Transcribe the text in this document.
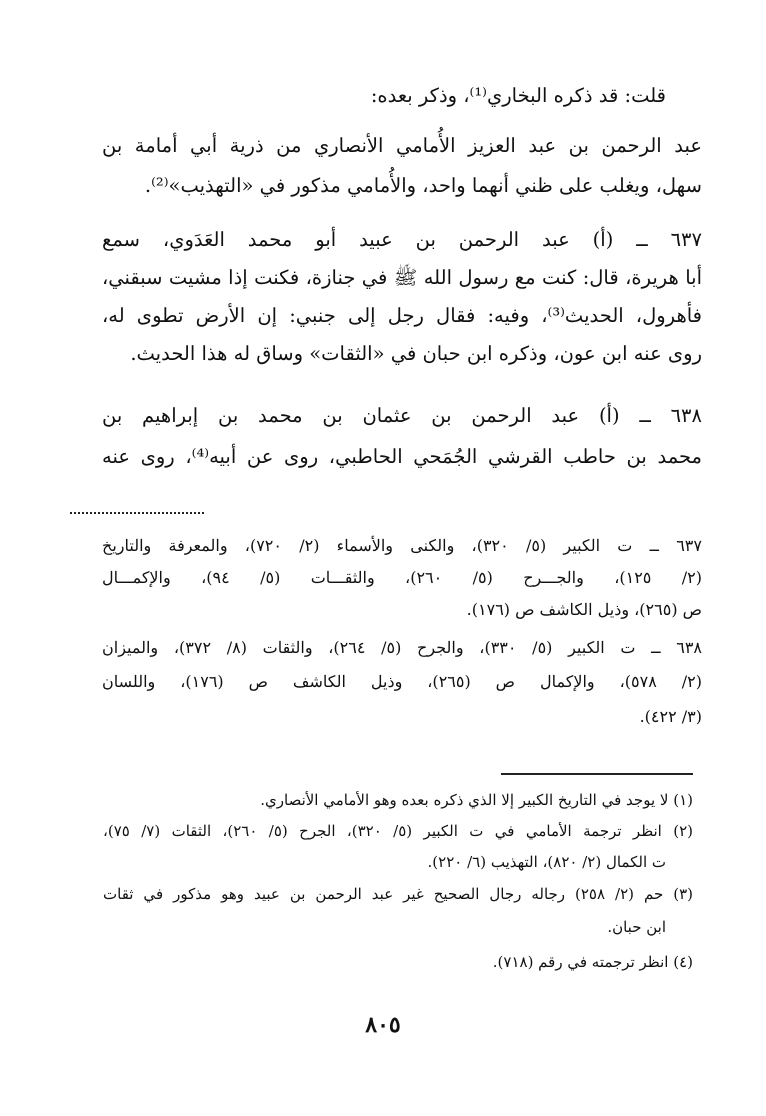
قلت: قد ذكره البخاري⁽¹⁾، وذكر بعده:

عبد الرحمن بن عبد العزيز الأُمامي الأنصاري من ذرية أبي أمامة بن

سهل، ويغلب على ظني أنهما واحد، والأُمامي مذكور في «التهذيب»⁽²⁾.

٦٣٧ ــ (أ) عبد الرحمن بن عبيد أبو محمد العَدَوي، سمع

أبا هريرة، قال: كنت مع رسول الله ﷺ في جنازة، فكنت إذا مشيت سبقني،

فأهرول، الحديث⁽³⁾، وفيه: فقال رجل إلى جنبي: إن الأرض تطوى له،

روى عنه ابن عون، وذكره ابن حبان في «الثقات» وساق له هذا الحديث.

٦٣٨ ــ (أ) عبد الرحمن بن عثمان بن محمد بن إبراهيم بن

محمد بن حاطب القرشي الجُمَحي الحاطبي، روى عن أبيه⁽⁴⁾، روى عنه

٦٣٧ ــ ت الكبير (٥/ ٣٢٠)، والكنى والأسماء (٢/ ٧٢٠)، والمعرفة والتاريخ

(٢/ ١٢٥)، والجـــرح (٥/ ٢٦٠)، والثقـــات (٥/ ٩٤)، والإكمـــال

ص (٢٦٥)، وذيل الكاشف ص (١٧٦).

٦٣٨ ــ ت الكبير (٥/ ٣٣٠)، والجرح (٥/ ٢٦٤)، والثقات (٨/ ٣٧٢)، والميزان

(٢/ ٥٧٨)، والإكمال ص (٢٦٥)، وذيل الكاشف ص (١٧٦)، واللسان

(٣/ ٤٢٢).

(١) لا يوجد في التاريخ الكبير إلا الذي ذكره بعده وهو الأمامي الأنصاري.

(٢) انظر ترجمة الأمامي في ت الكبير (٥/ ٣٢٠)، الجرح (٥/ ٢٦٠)، الثقات (٧/ ٧٥)،

ت الكمال (٢/ ٨٢٠)، التهذيب (٦/ ٢٢٠).

(٣) حم (٢/ ٢٥٨) رجاله رجال الصحيح غير عبد الرحمن بن عبيد وهو مذكور في ثقات

ابن حبان.

(٤) انظر ترجمته في رقم (٧١٨).

٨٠٥
